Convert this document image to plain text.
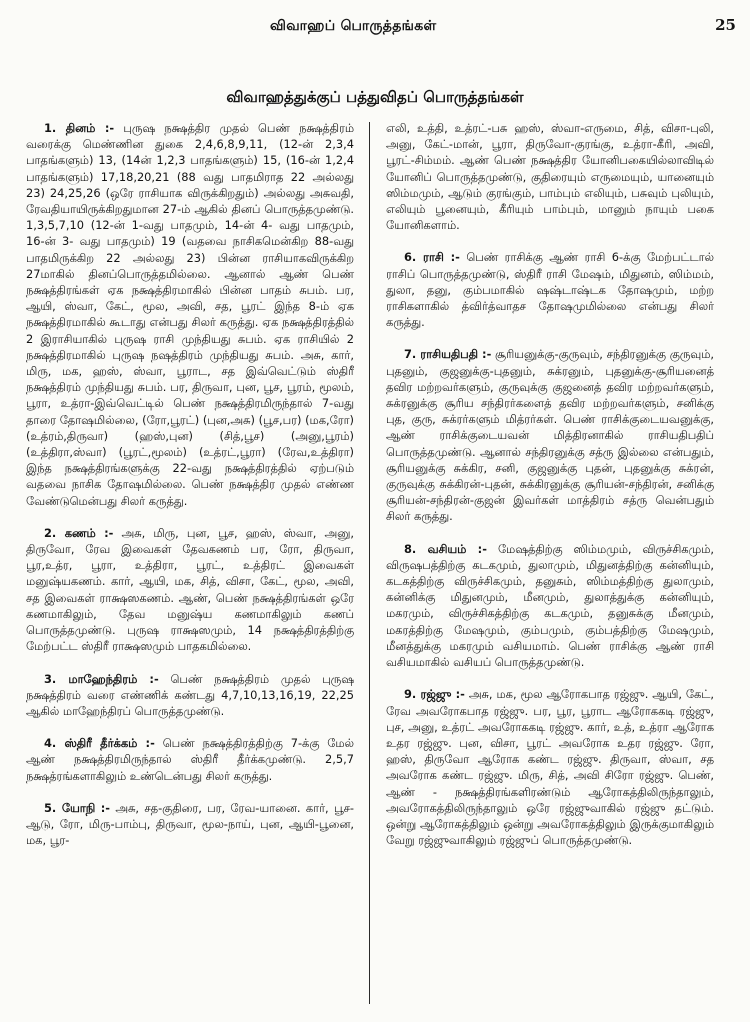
விவாஹப் பொருத்தங்கள்	25
விவாஹத்துக்குப் பத்துவிதப் பொருத்தங்கள்

1. தினம் :- புருஷ நக்ஷத்திர முதல் பெண் நக்ஷத்திரம் வரைக்கு மெண்ணின துகை 2,4,6,8,9,11, (12-ன் 2,3,4 பாதங்களும்) 13, (14ன் 1,2,3 பாதங்களும்) 15, (16-ன் 1,2,4 பாதங்களும்) 17,18,20,21 (88 வது பாதமிராத 22 அல்லது 23) 24,25,26 (ஒரே ராசியாக விருக்கிறதும்) அல்லது அசுவதி, ரேவதியாயிருக்கிறதுமான 27-ம் ஆகில் தினப் பொருத்தமுண்டு. 1,3,5,7,10 (12-ன் 1-வது பாதமும், 14-ன் 4- வது பாதமும், 16-ன் 3- வது பாதமும்) 19 (வதவை நாசிகமென்கிற 88-வது பாதமிருக்கிற 22 அல்லது 23) பின்ன ராசியாகவிருக்கிற 27மாகில் தினப்பொருத்தமில்லை. ஆனால் ஆண் பெண் நக்ஷத்திரங்கள் ஏக நக்ஷத்திரமாகில் பின்ன பாதம் சுபம். பர, ஆயி, ஸ்வா, கேட், மூல, அவி, சத, பூரட் இந்த 8-ம் ஏக நக்ஷத்திரமாகில் கூடாது என்பது சிலர் கருத்து. ஏக நக்ஷத்திரத்தில் 2 இராசியாகில் புருஷ ராசி முந்தியது சுபம். ஏக ராசியில் 2 நக்ஷத்திரமாகில் புருஷ நஷத்திரம் முந்தியது சுபம். அசு, கார், மிரு, மக, ஹஸ், ஸ்வா, பூராட, சத இவ்வெட்டும் ஸ்திரீ நக்ஷத்திரம் முந்தியது சுபம். பர, திருவா, புன, பூச, பூரம், மூலம், பூரா, உத்ரா-இவ்வெட்டில் பெண் நக்ஷத்திரமிருந்தால் 7-வது தாரை தோஷமில்லை, (ரோ,பூரட்) (புன,அசு) (பூச,பர) (மக,ரோ) (உத்ரம்,திருவா) (ஹஸ்,புன) (சித்,பூச) (அனு,பூரம்) (உத்திரா,ஸ்வா) (பூரட்,மூலம்) (உத்ரட்,பூரா) (ரேவ,உத்திரா) இந்த நக்ஷத்திரங்களுக்கு 22-வது நக்ஷத்திரத்தில் ஏற்படும் வதவை நாசிக தோஷமில்லை. பெண் நக்ஷத்திர முதல் எண்ண வேண்டுமென்பது சிலர் கருத்து.

2. கணம் :- அசு, மிரு, புன, பூச, ஹஸ், ஸ்வா, அனு, திருவோ, ரேவ இவைகள் தேவகணம் பர, ரோ, திருவா, பூர,உத்ர, பூரா, உத்திரா, பூரட், உத்திரட் இவைகள் மனுஷ்யகணம். கார், ஆயி, மக, சித், விசா, கேட், மூல, அவி, சத இவைகள் ராக்ஷஸகணம். ஆண், பெண் நக்ஷத்திரங்கள் ஒரே கணமாகிலும், தேவ மனுஷ்ய கணமாகிலும் கணப் பொருத்தமுண்டு. புருஷ ராக்ஷஸமும், 14 நக்ஷத்திரத்திற்கு மேற்பட்ட ஸ்திரீ ராக்ஷஸமும் பாதகமில்லை.

3. மாஹேந்திரம் :- பெண் நக்ஷத்திரம் முதல் புருஷ நக்ஷத்திரம் வரை எண்ணிக் கண்டது 4,7,10,13,16,19, 22,25 ஆகில் மாஹேந்திரப் பொருத்தமுண்டு.

4. ஸ்திரீ தீர்க்கம் :- பெண் நக்ஷத்திரத்திற்கு 7-க்கு மேல் ஆண் நக்ஷத்திரமிருந்தால் ஸ்திரீ தீர்க்கமுண்டு. 2,5,7 நக்ஷத்ரங்களாகிலும் உண்டென்பது சிலர் கருத்து.

5. யோநி :- அசு, சத-குதிரை, பர, ரேவ-யானை. கார், பூச-ஆடு, ரோ, மிரு-பாம்பு, திருவா, மூல-நாய், புன, ஆயி-பூனை, மக, பூர-

எலி, உத்தி, உத்ரட்-பசு ஹஸ், ஸ்வா-எருமை, சித், விசா-புலி, அனு, கேட்-மான், பூரா, திருவோ-குரங்கு, உத்ரா-கீரி, அவி, பூரட்-சிம்மம். ஆண் பெண் நக்ஷத்திர யோனிபகையில்லாவிடில் யோனிப் பொருத்தமுண்டு, குதிரையும் எருமையும், யானையும் ஸிம்மமும், ஆடும் குரங்கும், பாம்பும் எலியும், பசுவும் புலியும், எலியும் பூனையும், கீரியும் பாம்பும், மானும் நாயும் பகை யோனிகளாம்.

6. ராசி :- பெண் ராசிக்கு ஆண் ராசி 6-க்கு மேற்பட்டால் ராசிப் பொருத்தமுண்டு, ஸ்திரீ ராசி மேஷம், மிதுனம், ஸிம்மம், துலா, தனு, கும்பமாகில் ஷஷ்டாஷ்டக தோஷமும், மற்ற ராசிகளாகில் த்விர்த்வாதச தோஷமுமில்லை என்பது சிலர் கருத்து.

7. ராசியதிபதி :- சூரியனுக்கு-குருவும், சந்திரனுக்கு குருவும், புதனும், குஜனுக்கு-புதனும், சுக்ரனும், புதனுக்கு-சூரியனைத் தவிர மற்றவர்களும், குருவுக்கு குஜனைத் தவிர மற்றவர்களும், சுக்ரனுக்கு சூரிய சந்திரர்களைத் தவிர மற்றவர்களும், சனிக்கு புத, குரு, சுக்ரர்களும் மித்ரர்கள். பெண் ராசிக்குடையவனுக்கு, ஆண் ராசிக்குடையவன் மித்திரனாகில் ராசியதிபதிப் பொருத்தமுண்டு. ஆனால் சந்திரனுக்கு சத்ரு இல்லை என்பதும், சூரியனுக்கு சுக்கிர, சனி, குஜனுக்கு புதன், புதனுக்கு சுக்ரன், குருவுக்கு சுக்கிரன்-புதன், சுக்கிரனுக்கு சூரியன்-சந்திரன், சனிக்கு சூரியன்-சந்திரன்-குஜன் இவர்கள் மாத்திரம் சத்ரு வென்பதும் சிலர் கருத்து.

8. வசியம் :- மேஷத்திற்கு ஸிம்மமும், விருச்சிகமும், விருஷபத்திற்கு கடகமும், துலாமும், மிதுனத்திற்கு கன்னியும், கடகத்திற்கு விருச்சிகமும், தனுசும், ஸிம்மத்திற்கு துலாமும், கன்னிக்கு மிதுனமும், மீனமும், துலாத்துக்கு கன்னியும், மகரமும், விருச்சிகத்திற்கு கடகமும், தனுசுக்கு மீனமும், மகரத்திற்கு மேஷமும், கும்பமும், கும்பத்திற்கு மேஷமும், மீனத்துக்கு மகரமும் வசியமாம். பெண் ராசிக்கு ஆண் ராசி வசியமாகில் வசியப் பொருத்தமுண்டு.

9. ரஜ்ஜு :- அசு, மக, மூல ஆரோகபாத ரஜ்ஜு. ஆயி, கேட், ரேவ அவரோகபாத ரஜ்ஜு. பர, பூர, பூராட ஆரோககடி ரஜ்ஜு, புச, அனு, உத்ரட் அவரோககடி ரஜ்ஜு. கார், உத், உத்ரா ஆரோக உதர ரஜ்ஜு. புன, விசா, பூரட் அவரோக உதர ரஜ்ஜு. ரோ, ஹஸ், திருவோ ஆரோக கண்ட ரஜ்ஜு. திருவா, ஸ்வா, சத அவரோக கண்ட ரஜ்ஜு. மிரு, சித், அவி சிரோ ரஜ்ஜு. பெண், ஆண் - நக்ஷத்திரங்களிரண்டும் ஆரோகத்திலிருந்தாலும், அவரோகத்திலிருந்தாலும் ஒரே ரஜ்ஜுவாகில் ரஜ்ஜு தட்டும். ஒன்று ஆரோகத்திலும் ஒன்று அவரோகத்திலும் இருக்குமாகிலும் வேறு ரஜ்ஜுவாகிலும் ரஜ்ஜுப் பொருத்தமுண்டு.
